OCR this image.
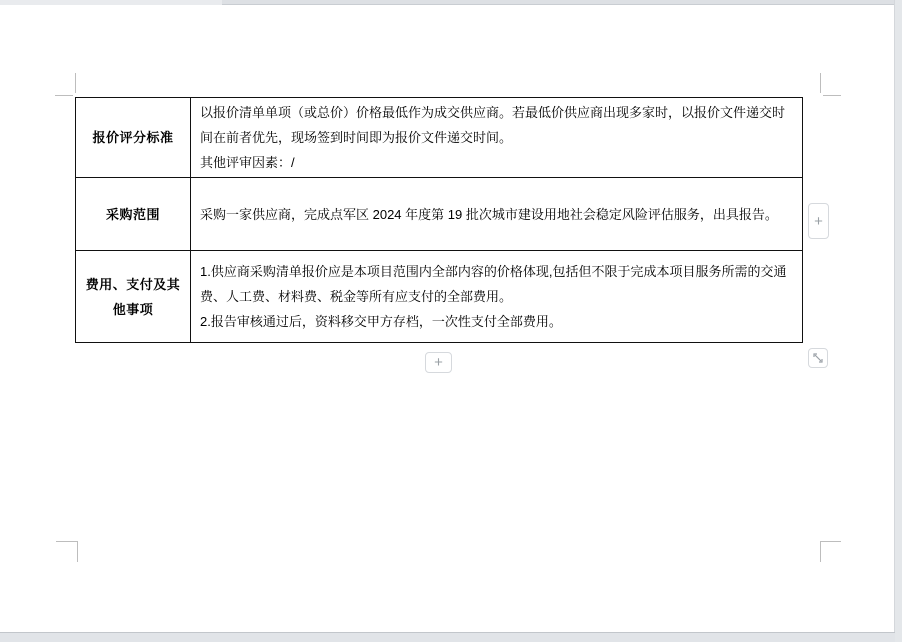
报价评分标准	以报价清单单项（或总价）价格最低作为成交供应商。若最低价供应商出现多家时，以报价文件递交时间在前者优先，现场签到时间即为报价文件递交时间。

其他评审因素：/

采购范围	采购一家供应商，完成点军区 2024 年度第 19 批次城市建设用地社会稳定风险评估服务，出具报告。

费用、支付及其他事项	1.供应商采购清单报价应是本项目范围内全部内容的价格体现,包括但不限于完成本项目服务所需的交通费、人工费、材料费、税金等所有应支付的全部费用。

2.报告审核通过后，资料移交甲方存档，一次性支付全部费用。

+
+
